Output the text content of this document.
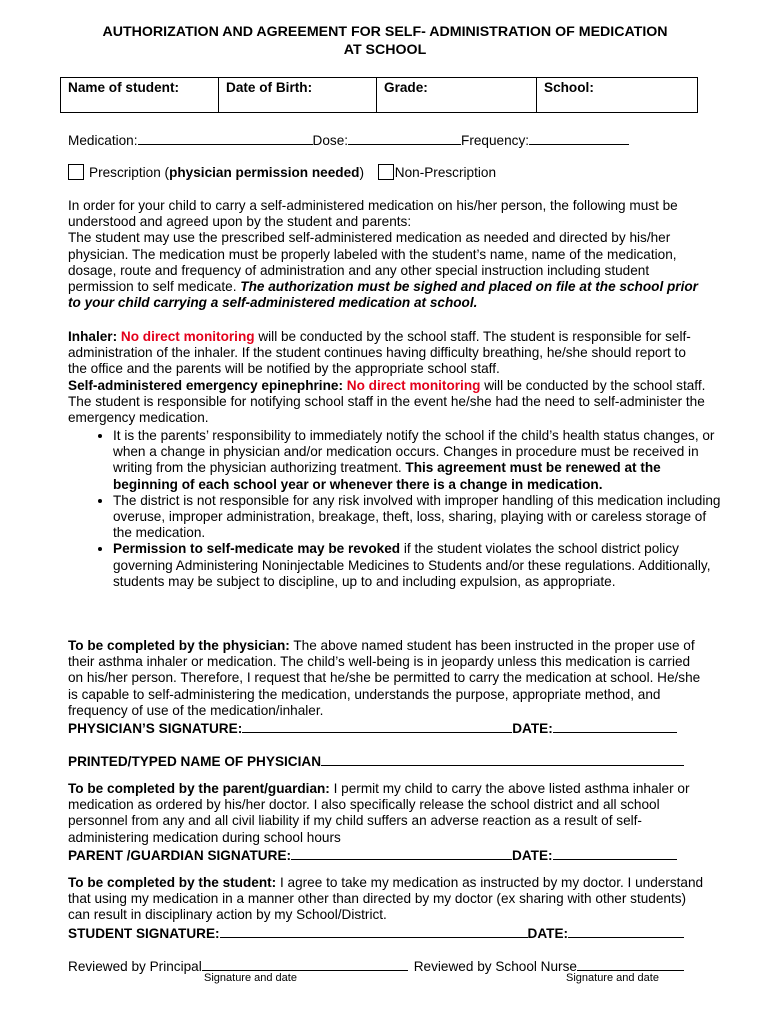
AUTHORIZATION AND AGREEMENT FOR SELF- ADMINISTRATION OF MEDICATION
AT SCHOOL
Name of student:	Date of Birth:	Grade:	School:
Medication:	Dose:	Frequency:
Prescription (physician permission needed) Non-Prescription
In order for your child to carry a self-administered medication on his/her person, the following must be understood and agreed upon by the student and parents:
The student may use the prescribed self-administered medication as needed and directed by his/her physician. The medication must be properly labeled with the student’s name, name of the medication, dosage, route and frequency of administration and any other special instruction including student permission to self medicate. The authorization must be sighed and placed on file at the school prior to your child carrying a self-administered medication at school.
Inhaler: No direct monitoring will be conducted by the school staff. The student is responsible for self-administration of the inhaler. If the student continues having difficulty breathing, he/she should report to the office and the parents will be notified by the appropriate school staff.
Self-administered emergency epinephrine: No direct monitoring will be conducted by the school staff. The student is responsible for notifying school staff in the event he/she had the need to self-administer the emergency medication.
• It is the parents’ responsibility to immediately notify the school if the child’s health status changes, or when a change in physician and/or medication occurs. Changes in procedure must be received in writing from the physician authorizing treatment. This agreement must be renewed at the beginning of each school year or whenever there is a change in medication.
• The district is not responsible for any risk involved with improper handling of this medication including overuse, improper administration, breakage, theft, loss, sharing, playing with or careless storage of the medication.
• Permission to self-medicate may be revoked if the student violates the school district policy governing Administering Noninjectable Medicines to Students and/or these regulations. Additionally, students may be subject to discipline, up to and including expulsion, as appropriate.
To be completed by the physician: The above named student has been instructed in the proper use of their asthma inhaler or medication. The child’s well-being is in jeopardy unless this medication is carried on his/her person. Therefore, I request that he/she be permitted to carry the medication at school. He/she is capable to self-administering the medication, understands the purpose, appropriate method, and frequency of use of the medication/inhaler.
PHYSICIAN’S SIGNATURE:	DATE:
PRINTED/TYPED NAME OF PHYSICIAN
To be completed by the parent/guardian: I permit my child to carry the above listed asthma inhaler or medication as ordered by his/her doctor. I also specifically release the school district and all school personnel from any and all civil liability if my child suffers an adverse reaction as a result of self-administering medication during school hours
PARENT /GUARDIAN SIGNATURE:	DATE:
To be completed by the student: I agree to take my medication as instructed by my doctor. I understand that using my medication in a manner other than directed by my doctor (ex sharing with other students) can result in disciplinary action by my School/District.
STUDENT SIGNATURE:	DATE:
Reviewed by Principal	Reviewed by School Nurse
Signature and date	Signature and date
